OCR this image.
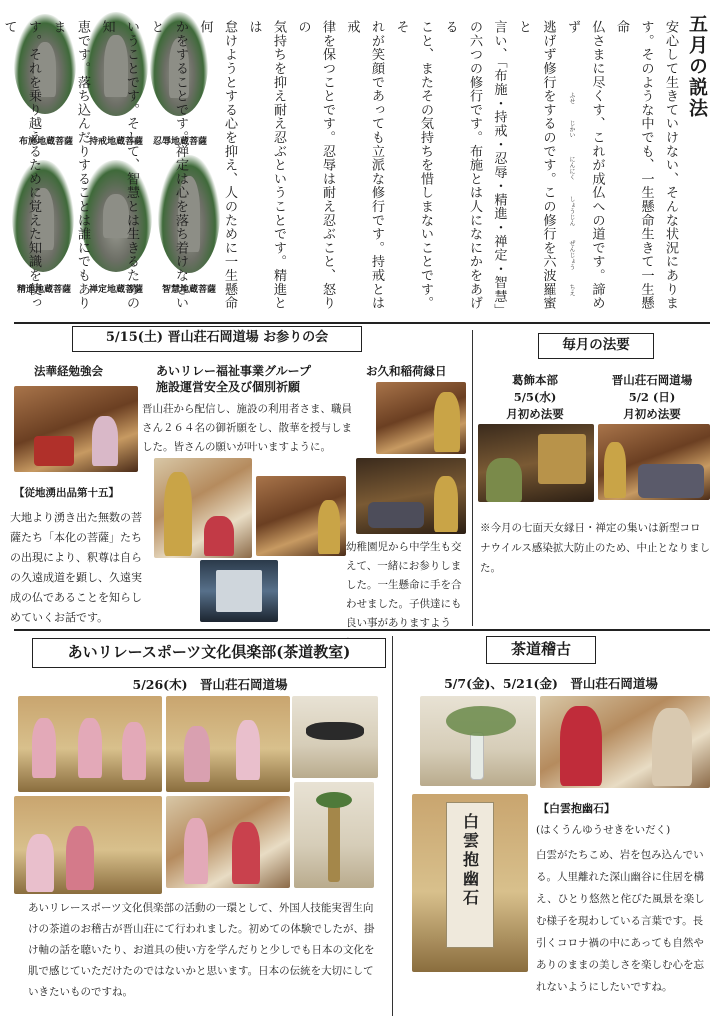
布施地蔵菩薩	持戒地蔵菩薩	忍辱地蔵菩薩
精進地蔵菩薩	禅定地蔵菩薩	智慧地蔵菩薩
五月の説法
安心して生きていけない、そんな状況にありま
す。そのような中でも、一生懸命生きて一生懸命
仏さまに尽くす、これが成仏への道です。諦めず
逃げず修行をするのです。この修行を六波羅蜜と
言い、「布施・持戒・忍辱・精進・禅定・智慧」
の六つの修行です。布施とは人になにかをあげる
こと、またその気持ちを惜しまないことです。そ
れが笑顔であっても立派な修行です。持戒とは戒
律を保つことです。忍辱は耐え忍ぶこと、怒りの
気持ちを抑え耐え忍ぶということです。精進とは
怠けようとする心を抑え、人のために一生懸命何
かをすることです。禅定は心を落ち着けなさいと
いうことです。そして、智慧とは生きるための知
恵です。落ち込んだりすることは誰にでもありま
す。それを乗り越えるために覚えた知識を使って

ふせ じかい にんにく しょうじん ぜんじょう ちえ
5/15(土) 晋山荘石岡道場 お参りの会
法華経勉強会
【従地湧出品第十五】
大地より湧き出た無数の菩薩たち「本化の菩薩」たちの出現により、釈尊は自らの久遠成道を顕し、久遠実成の仏であることを知らしめていくお話です。
あいリレー福祉事業グループ
施設運営安全及び個別祈願
晋山荘から配信し、施設の利用者さま、職員さん２６４名の御祈願をし、散華を授与しました。皆さんの願いが叶いますように。
お久和稲荷縁日
幼稚園児から中学生も交えて、一緒にお参りしました。一生懸命に手を合わせました。子供達にも良い事がありますよう
毎月の法要
葛飾本部
5/5(水)
月初め法要
晋山荘石岡道場
5/2 (日)
月初め法要
※今月の七面天女縁日・禅定の集いは新型コロナウイルス感染拡大防止のため、中止となりました。
あいリレースポーツ文化倶楽部(茶道教室)
5/26(木)　晋山荘石岡道場
あいリレースポーツ文化倶楽部の活動の一環として、外国人技能実習生向けの茶道のお稽古が晋山荘にて行われました。初めての体験でしたが、掛け軸の話を聴いたり、お道具の使い方を学んだりと少しでも日本の文化を肌で感じていただけたのではないかと思います。日本の伝統を大切にしていきたいものですね。
茶道稽古
5/7(金)、5/21(金)　晋山荘石岡道場
白雲抱幽石
【白雲抱幽石】
(はくうんゆうせきをいだく)
白雲がたちこめ、岩を包み込んでいる。人里離れた深山幽谷に住居を構え、ひとり悠然と侘びた風景を楽しむ様子を現わしている言葉です。長引くコロナ禍の中にあっても自然やありのままの美しさを楽しむ心を忘れないようにしたいですね。
